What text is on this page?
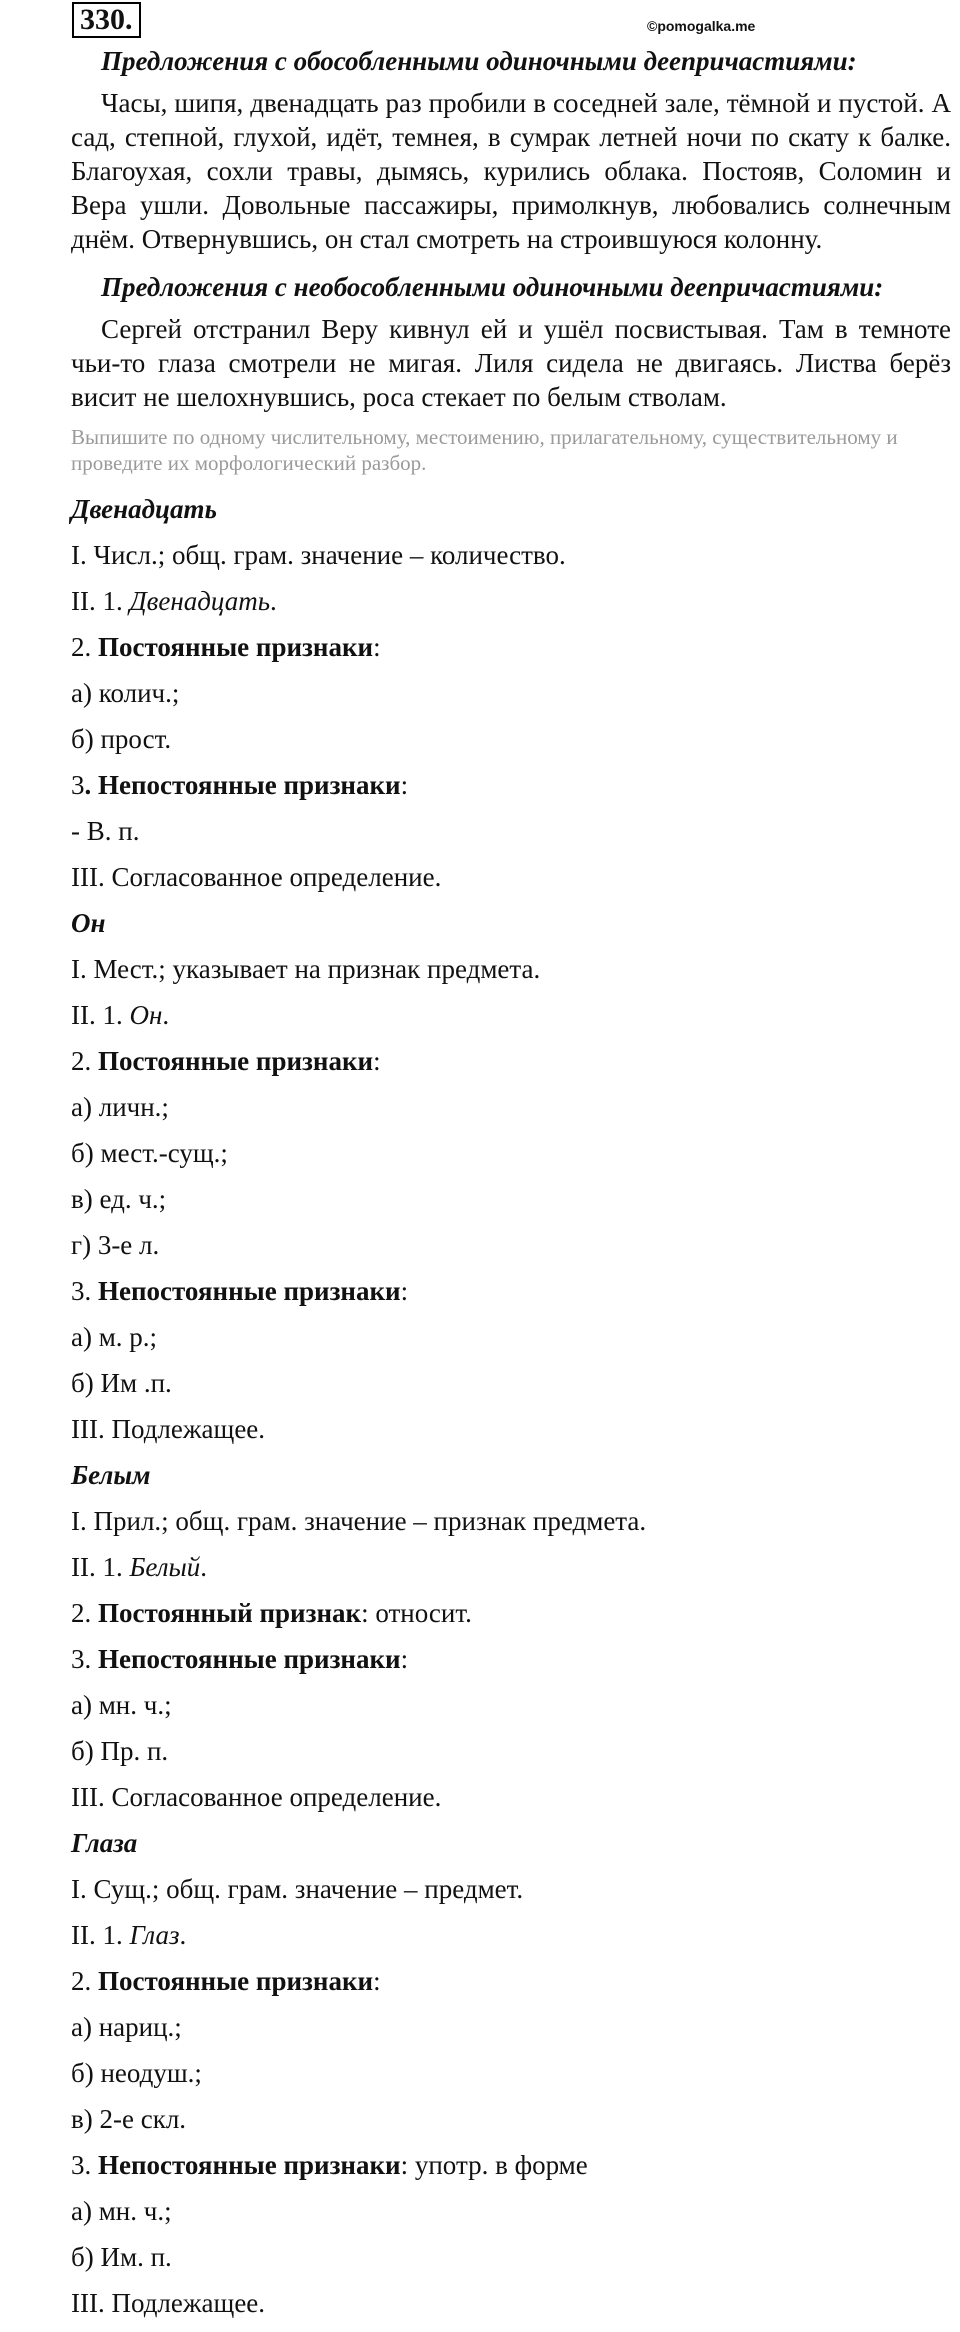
330.	©pomogalka.me
Предложения с обособленными одиночными деепричастиями:
Часы, шипя, двенадцать раз пробили в соседней зале, тёмной и пустой. А сад, степной, глухой, идёт, темнея, в сумрак летней ночи по скату к балке. Благоухая, сохли травы, дымясь, курились облака. Постояв, Соломин и Вера ушли. Довольные пассажиры, примолкнув, любовались солнечным днём. Отвернувшись, он стал смотреть на строившуюся колонну.
Предложения с необособленными одиночными деепричастиями:
Сергей отстранил Веру кивнул ей и ушёл посвистывая. Там в темноте чьи-то глаза смотрели не мигая. Лиля сидела не двигаясь. Листва берёз висит не шелохнувшись, роса стекает по белым стволам.
Выпишите по одному числительному, местоимению, прилагательному, существительному и проведите их морфологический разбор.
Двенадцать
I. Числ.; общ. грам. значение – количество.
II. 1. Двенадцать.
2. Постоянные признаки:
а) колич.;
б) прост.
3. Непостоянные признаки:
- В. п.
III. Согласованное определение.
Он
I. Мест.; указывает на признак предмета.
II. 1. Он.
2. Постоянные признаки:
а) личн.;
б) мест.-сущ.;
в) ед. ч.;
г) 3-е л.
3. Непостоянные признаки:
а) м. р.;
б) Им .п.
III. Подлежащее.
Белым
I. Прил.; общ. грам. значение – признак предмета.
II. 1. Белый.
2. Постоянный признак: относит.
3. Непостоянные признаки:
а) мн. ч.;
б) Пр. п.
III. Согласованное определение.
Глаза
I. Сущ.; общ. грам. значение – предмет.
II. 1. Глаз.
2. Постоянные признаки:
а) нариц.;
б) неодуш.;
в) 2-е скл.
3. Непостоянные признаки: употр. в форме
а) мн. ч.;
б) Им. п.
III. Подлежащее.
